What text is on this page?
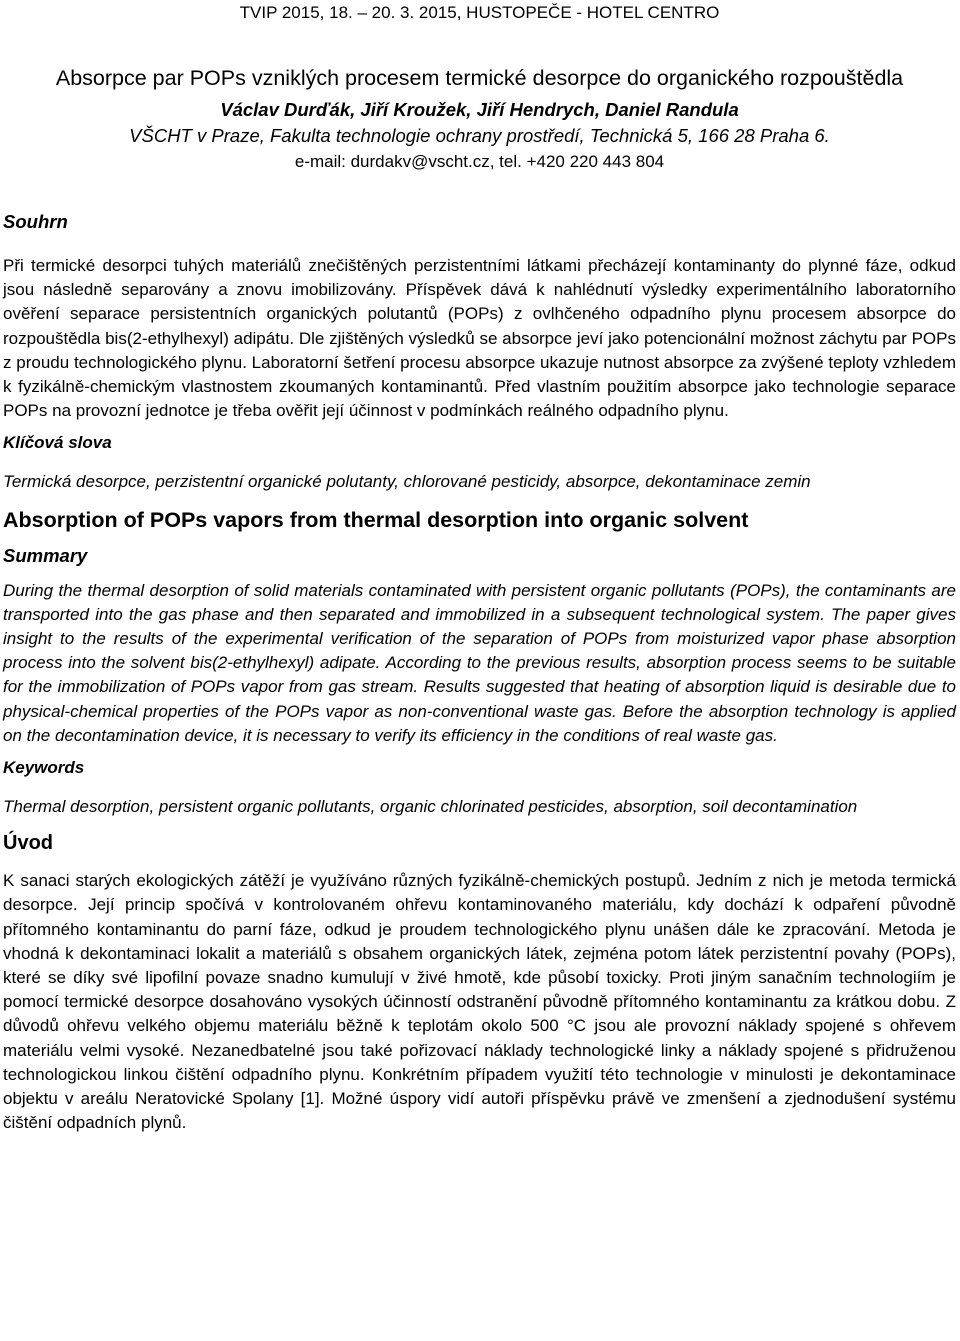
TVIP 2015, 18. – 20. 3. 2015, HUSTOPEČE - HOTEL CENTRO

Absorpce par POPs vzniklých procesem termické desorpce do organického rozpouštědla

Václav Durďák, Jiří Kroužek, Jiří Hendrych, Daniel Randula

VŠCHT v Praze, Fakulta technologie ochrany prostředí, Technická 5, 166 28 Praha 6.

e-mail: durdakv@vscht.cz, tel. +420 220 443 804

Souhrn

Při termické desorpci tuhých materiálů znečištěných perzistentními látkami přecházejí kontaminanty do plynné fáze, odkud jsou následně separovány a znovu imobilizovány. Příspěvek dává k nahlédnutí výsledky experimentálního laboratorního ověření separace persistentních organických polutantů (POPs) z ovlhčeného odpadního plynu procesem absorpce do rozpouštědla bis(2-ethylhexyl) adipátu. Dle zjištěných výsledků se absorpce jeví jako potencionální možnost záchytu par POPs z proudu technologického plynu. Laboratorní šetření procesu absorpce ukazuje nutnost absorpce za zvýšené teploty vzhledem k fyzikálně-chemickým vlastnostem zkoumaných kontaminantů. Před vlastním použitím absorpce jako technologie separace POPs na provozní jednotce je třeba ověřit její účinnost v podmínkách reálného odpadního plynu.

Klíčová slova

Termická desorpce, perzistentní organické polutanty, chlorované pesticidy, absorpce, dekontaminace zemin

Absorption of POPs vapors from thermal desorption into organic solvent
Summary

During the thermal desorption of solid materials contaminated with persistent organic pollutants (POPs), the contaminants are transported into the gas phase and then separated and immobilized in a subsequent technological system. The paper gives insight to the results of the experimental verification of the separation of POPs from moisturized vapor phase absorption process into the solvent bis(2-ethylhexyl) adipate. According to the previous results, absorption process seems to be suitable for the immobilization of POPs vapor from gas stream. Results suggested that heating of absorption liquid is desirable due to physical-chemical properties of the POPs vapor as non-conventional waste gas. Before the absorption technology is applied on the decontamination device, it is necessary to verify its efficiency in the conditions of real waste gas.

Keywords

Thermal desorption, persistent organic pollutants, organic chlorinated pesticides, absorption, soil decontamination

Úvod

K sanaci starých ekologických zátěží je využíváno různých fyzikálně-chemických postupů. Jedním z nich je metoda termická desorpce. Její princip spočívá v kontrolovaném ohřevu kontaminovaného materiálu, kdy dochází k odpaření původně přítomného kontaminantu do parní fáze, odkud je proudem technologického plynu unášen dále ke zpracování. Metoda je vhodná k dekontaminaci lokalit a materiálů s obsahem organických látek, zejména potom látek perzistentní povahy (POPs), které se díky své lipofilní povaze snadno kumulují v živé hmotě, kde působí toxicky. Proti jiným sanačním technologiím je pomocí termické desorpce dosahováno vysokých účinností odstranění původně přítomného kontaminantu za krátkou dobu. Z důvodů ohřevu velkého objemu materiálu běžně k teplotám okolo 500 °C jsou ale provozní náklady spojené s ohřevem materiálu velmi vysoké. Nezanedbatelné jsou také pořizovací náklady technologické linky a náklady spojené s přidruženou technologickou linkou čištění odpadního plynu. Konkrétním případem využití této technologie v minulosti je dekontaminace objektu v areálu Neratovické Spolany [1]. Možné úspory vidí autoři příspěvku právě ve zmenšení a zjednodušení systému čištění odpadních plynů.
